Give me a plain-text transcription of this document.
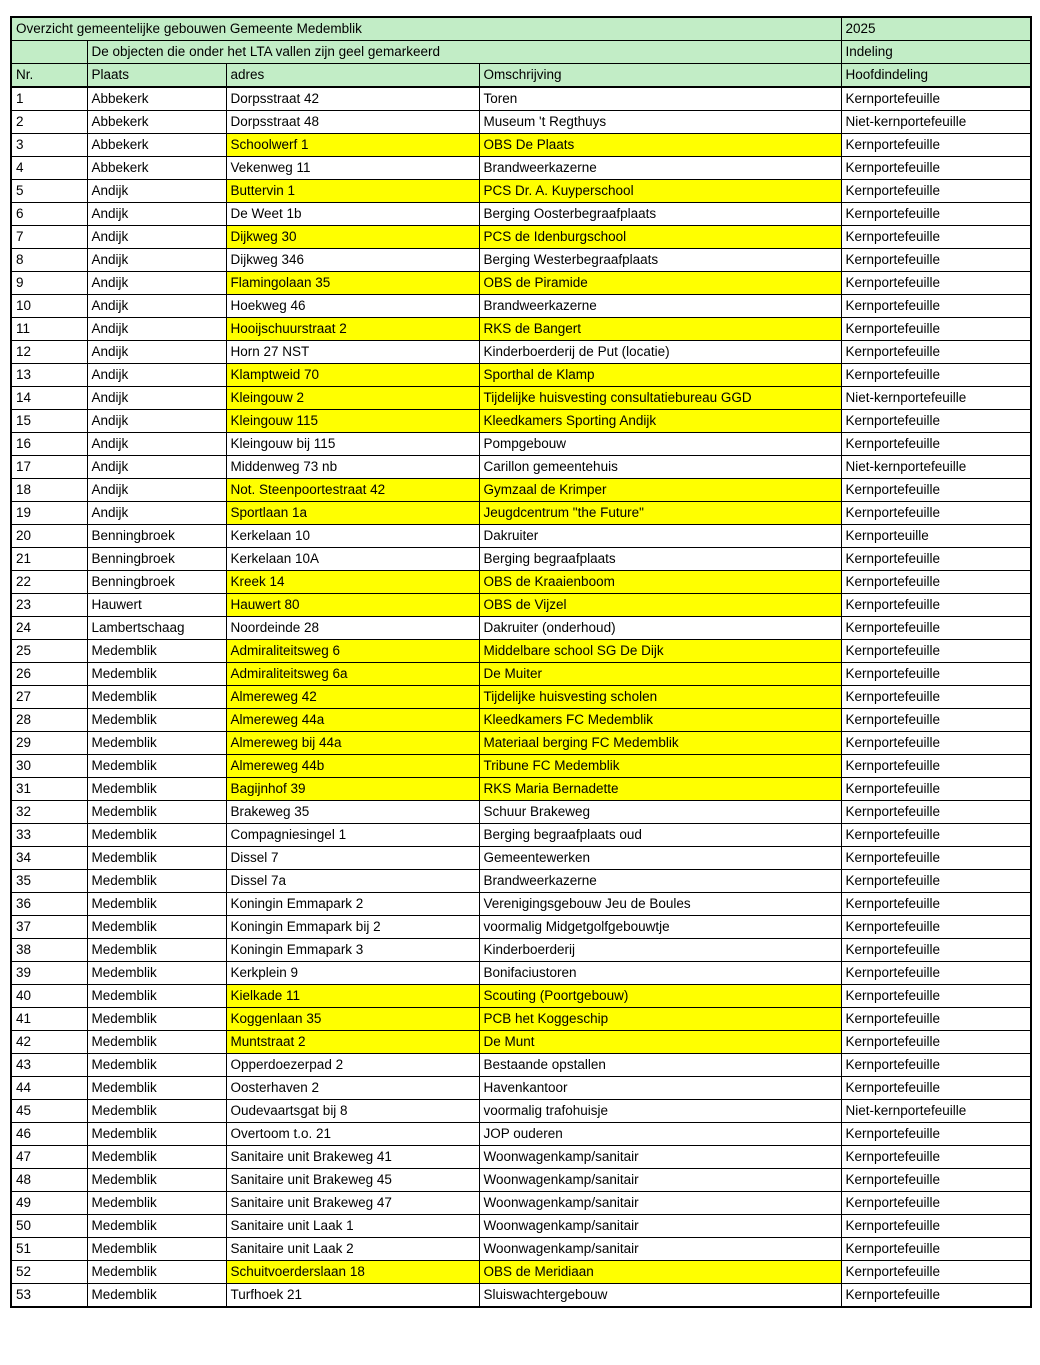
Overzicht gemeentelijke gebouwen Gemeente Medemblik				2025
	De objecten die onder het LTA vallen zijn geel gemarkeerd			Indeling
Nr.	Plaats	adres	Omschrijving	Hoofdindeling
1	Abbekerk	Dorpsstraat 42	Toren	Kernportefeuille
2	Abbekerk	Dorpsstraat 48	Museum 't Regthuys	Niet-kernportefeuille
3	Abbekerk	Schoolwerf 1	OBS De Plaats	Kernportefeuille
4	Abbekerk	Vekenweg 11	Brandweerkazerne	Kernportefeuille
5	Andijk	Buttervin 1	PCS Dr. A. Kuyperschool	Kernportefeuille
6	Andijk	De Weet 1b	Berging Oosterbegraafplaats	Kernportefeuille
7	Andijk	Dijkweg 30	PCS de Idenburgschool	Kernportefeuille
8	Andijk	Dijkweg 346	Berging Westerbegraafplaats	Kernportefeuille
9	Andijk	Flamingolaan 35	OBS de Piramide	Kernportefeuille
10	Andijk	Hoekweg 46	Brandweerkazerne	Kernportefeuille
11	Andijk	Hooijschuurstraat 2	RKS de Bangert	Kernportefeuille
12	Andijk	Horn 27 NST	Kinderboerderij de Put (locatie)	Kernportefeuille
13	Andijk	Klamptweid 70	Sporthal de Klamp	Kernportefeuille
14	Andijk	Kleingouw 2	Tijdelijke huisvesting consultatiebureau GGD	Niet-kernportefeuille
15	Andijk	Kleingouw 115	Kleedkamers Sporting Andijk	Kernportefeuille
16	Andijk	Kleingouw bij 115	Pompgebouw	Kernportefeuille
17	Andijk	Middenweg 73 nb	Carillon gemeentehuis	Niet-kernportefeuille
18	Andijk	Not. Steenpoortestraat 42	Gymzaal de Krimper	Kernportefeuille
19	Andijk	Sportlaan 1a	Jeugdcentrum "the Future"	Kernportefeuille
20	Benningbroek	Kerkelaan 10	Dakruiter	Kernporteuille
21	Benningbroek	Kerkelaan 10A	Berging begraafplaats	Kernportefeuille
22	Benningbroek	Kreek 14	OBS de Kraaienboom	Kernportefeuille
23	Hauwert	Hauwert 80	OBS de Vijzel	Kernportefeuille
24	Lambertschaag	Noordeinde 28	Dakruiter (onderhoud)	Kernportefeuille
25	Medemblik	Admiraliteitsweg 6	Middelbare school SG De Dijk	Kernportefeuille
26	Medemblik	Admiraliteitsweg 6a	De Muiter	Kernportefeuille
27	Medemblik	Almereweg 42	Tijdelijke huisvesting scholen	Kernportefeuille
28	Medemblik	Almereweg 44a	Kleedkamers FC Medemblik	Kernportefeuille
29	Medemblik	Almereweg bij 44a	Materiaal berging FC Medemblik	Kernportefeuille
30	Medemblik	Almereweg 44b	Tribune FC Medemblik	Kernportefeuille
31	Medemblik	Bagijnhof 39	RKS Maria Bernadette	Kernportefeuille
32	Medemblik	Brakeweg 35	Schuur Brakeweg	Kernportefeuille
33	Medemblik	Compagniesingel 1	Berging begraafplaats oud	Kernportefeuille
34	Medemblik	Dissel 7	Gemeentewerken	Kernportefeuille
35	Medemblik	Dissel 7a	Brandweerkazerne	Kernportefeuille
36	Medemblik	Koningin Emmapark 2	Verenigingsgebouw Jeu de Boules	Kernportefeuille
37	Medemblik	Koningin Emmapark bij 2	voormalig Midgetgolfgebouwtje	Kernportefeuille
38	Medemblik	Koningin Emmapark 3	Kinderboerderij	Kernportefeuille
39	Medemblik	Kerkplein 9	Bonifaciustoren	Kernportefeuille
40	Medemblik	Kielkade 11	Scouting (Poortgebouw)	Kernportefeuille
41	Medemblik	Koggenlaan 35	PCB het Koggeschip	Kernportefeuille
42	Medemblik	Muntstraat 2	De Munt	Kernportefeuille
43	Medemblik	Opperdoezerpad 2	Bestaande opstallen	Kernportefeuille
44	Medemblik	Oosterhaven 2	Havenkantoor	Kernportefeuille
45	Medemblik	Oudevaartsgat bij 8	voormalig trafohuisje	Niet-kernportefeuille
46	Medemblik	Overtoom t.o. 21	JOP ouderen	Kernportefeuille
47	Medemblik	Sanitaire unit Brakeweg 41	Woonwagenkamp/sanitair	Kernportefeuille
48	Medemblik	Sanitaire unit Brakeweg 45	Woonwagenkamp/sanitair	Kernportefeuille
49	Medemblik	Sanitaire unit Brakeweg 47	Woonwagenkamp/sanitair	Kernportefeuille
50	Medemblik	Sanitaire unit Laak 1	Woonwagenkamp/sanitair	Kernportefeuille
51	Medemblik	Sanitaire unit Laak 2	Woonwagenkamp/sanitair	Kernportefeuille
52	Medemblik	Schuitvoerderslaan 18	OBS de Meridiaan	Kernportefeuille
53	Medemblik	Turfhoek 21	Sluiswachtergebouw	Kernportefeuille
